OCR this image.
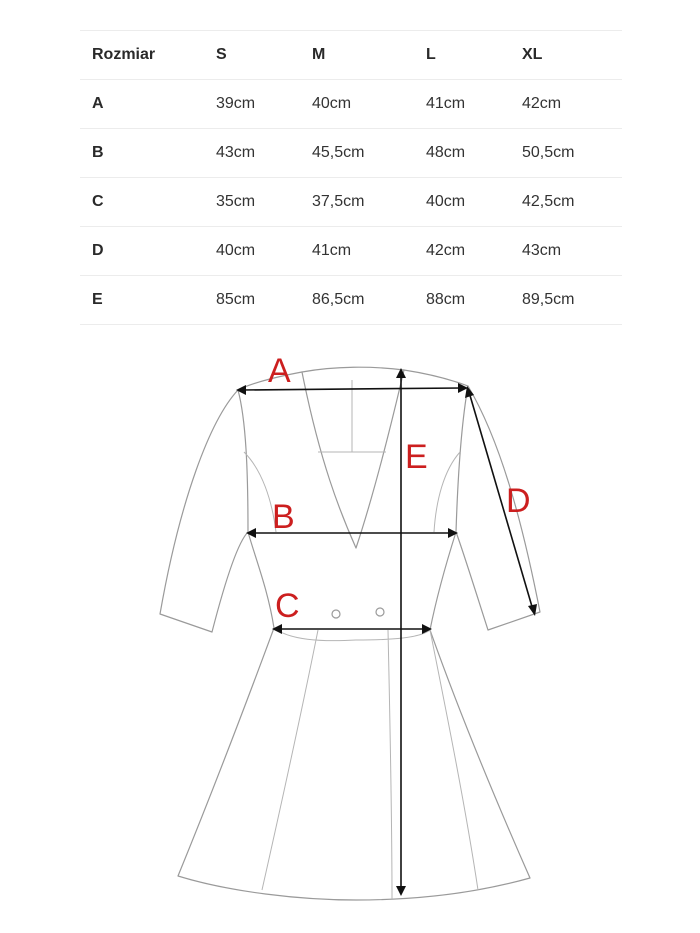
Rozmiar	S	M	L	XL
A	39cm	40cm	41cm	42cm
B	43cm	45,5cm	48cm	50,5cm
C	35cm	37,5cm	40cm	42,5cm
D	40cm	41cm	42cm	43cm
E	85cm	86,5cm	88cm	89,5cm
A
B
C
D
E
